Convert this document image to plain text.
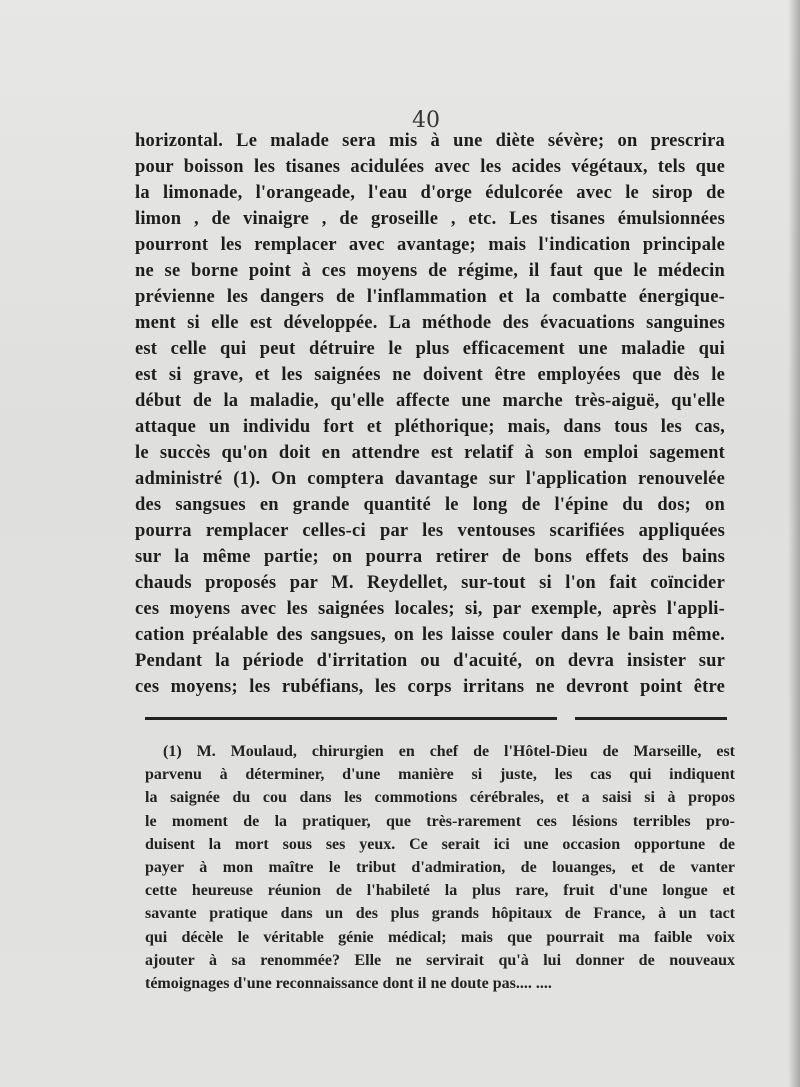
40
horizontal. Le malade sera mis à une diète sévère; on prescrira
pour boisson les tisanes acidulées avec les acides végétaux, tels que
la limonade, l'orangeade, l'eau d'orge édulcorée avec le sirop de
limon , de vinaigre , de groseille , etc. Les tisanes émulsionnées
pourront les remplacer avec avantage; mais l'indication principale
ne se borne point à ces moyens de régime, il faut que le médecin
prévienne les dangers de l'inflammation et la combatte énergique-
ment si elle est développée. La méthode des évacuations sanguines
est celle qui peut détruire le plus efficacement une maladie qui
est si grave, et les saignées ne doivent être employées que dès le
début de la maladie, qu'elle affecte une marche très-aiguë, qu'elle
attaque un individu fort et pléthorique; mais, dans tous les cas,
le succès qu'on doit en attendre est relatif à son emploi sagement
administré (1). On comptera davantage sur l'application renouvelée
des sangsues en grande quantité le long de l'épine du dos; on
pourra remplacer celles-ci par les ventouses scarifiées appliquées
sur la même partie; on pourra retirer de bons effets des bains
chauds proposés par M. Reydellet, sur-tout si l'on fait coïncider
ces moyens avec les saignées locales; si, par exemple, après l'appli-
cation préalable des sangsues, on les laisse couler dans le bain même.
Pendant la période d'irritation ou d'acuité, on devra insister sur
ces moyens; les rubéfians, les corps irritans ne devront point être
(1) M. Moulaud, chirurgien en chef de l'Hôtel-Dieu de Marseille, est
parvenu à déterminer, d'une manière si juste, les cas qui indiquent
la saignée du cou dans les commotions cérébrales, et a saisi si à propos
le moment de la pratiquer, que très-rarement ces lésions terribles pro-
duisent la mort sous ses yeux. Ce serait ici une occasion opportune de
payer à mon maître le tribut d'admiration, de louanges, et de vanter
cette heureuse réunion de l'habileté la plus rare, fruit d'une longue et
savante pratique dans un des plus grands hôpitaux de France, à un tact
qui décèle le véritable génie médical; mais que pourrait ma faible voix
ajouter à sa renommée? Elle ne servirait qu'à lui donner de nouveaux
témoignages d'une reconnaissance dont il ne doute pas.... ....
